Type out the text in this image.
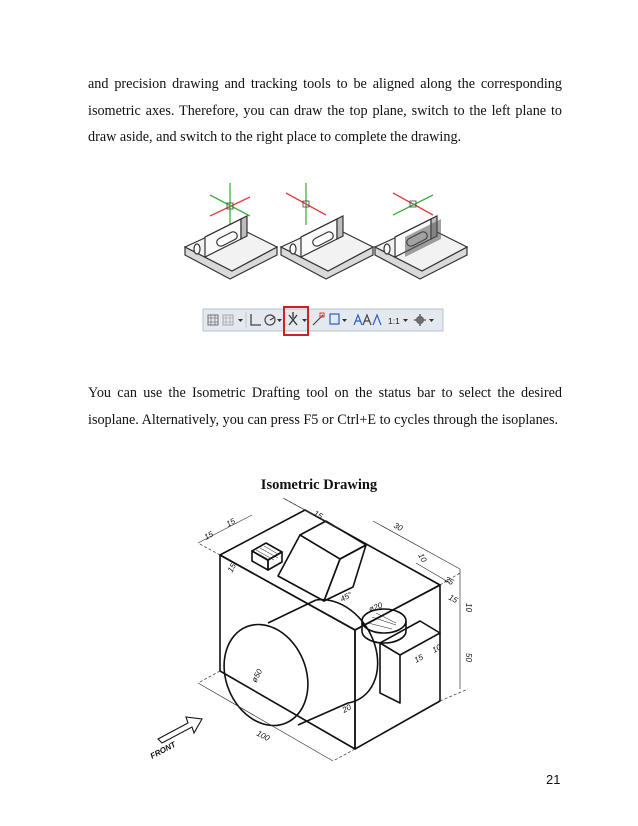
and precision drawing and tracking tools to be aligned along the corresponding isometric axes. Therefore, you can draw the top plane, switch to the left plane to draw aside, and switch to the right place to complete the drawing.

1:1

You can use the Isometric Drafting tool on the status bar to select the desired isoplane. Alternatively, you can press F5 or Ctrl+E to cycles through the isoplanes.

Isometric Drawing
15
15
15
30
10
35
15
10
50
15
10
45°
ø20
ø50
20
100
15
FRONT
21
